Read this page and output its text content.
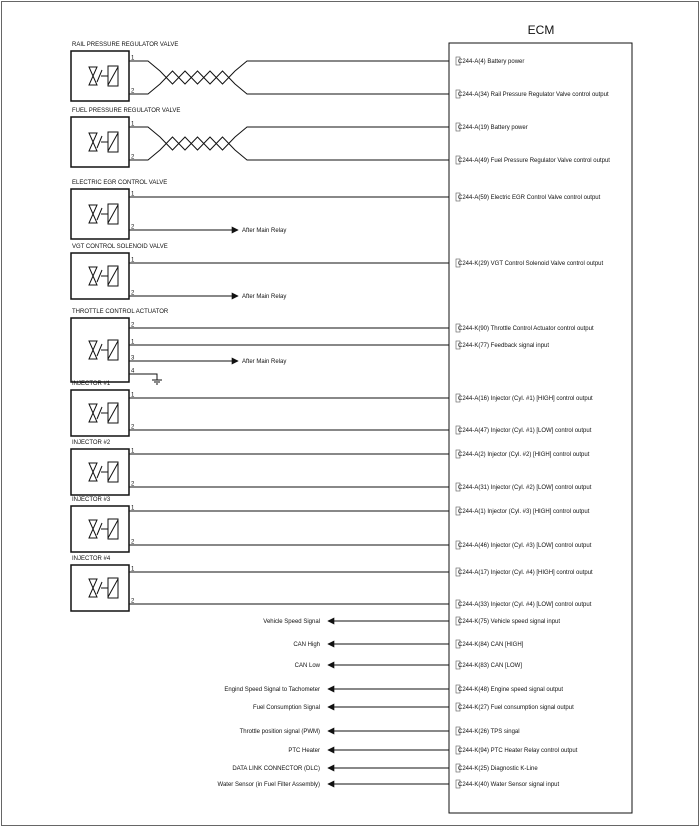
ECM
RAIL PRESSURE REGULATOR VALVE
1
C244-A(4) Battery power
2
C244-A(34) Rail Pressure Regulator Valve control output
FUEL PRESSURE REGULATOR VALVE
1
C244-A(19) Battery power
2
C244-A(49) Fuel Pressure Regulator Valve control output
ELECTRIC EGR CONTROL VALVE
1
C244-A(59) Electric EGR Control Valve control output
2
After Main Relay
VGT CONTROL SOLENOID VALVE
1
C244-K(29) VGT Control Solenoid Valve control output
2
After Main Relay
THROTTLE CONTROL ACTUATOR
2
C244-K(90) Throttle Control Actuator control output
1
C244-K(77) Feedback signal input
3
After Main Relay
4
INJECTOR #1
1
C244-A(16) Injector (Cyl. #1) [HIGH] control output
2
C244-A(47) Injector (Cyl. #1) [LOW] control output
INJECTOR #2
1
C244-A(2) Injector (Cyl. #2) [HIGH] control output
2
C244-A(31) Injector (Cyl. #2) [LOW] control output
INJECTOR #3
1
C244-A(1) Injector (Cyl. #3) [HIGH] control output
2
C244-A(46) Injector (Cyl. #3) [LOW] control output
INJECTOR #4
1
C244-A(17) Injector (Cyl. #4) [HIGH] control output
2
C244-A(33) Injector (Cyl. #4) [LOW] control output
Vehicle Speed Signal	C244-K(75) Vehicle speed signal input
CAN High	C244-K(84) CAN [HIGH]
CAN Low	C244-K(83) CAN [LOW]
Engind Speed Signal to Tachometer	C244-K(48) Engine speed signal output
Fuel Consumption Signal	C244-K(27) Fuel consumption signal output
Throttle position signal (PWM)	C244-K(26) TPS singal
PTC Heater	C244-K(94) PTC Heater Relay control output
DATA LINK CONNECTOR (DLC)	C244-K(25) Diagnostic K-Line
Water Sensor (in Fuel Filter Assembly)	C244-K(40) Water Sensor signal input
